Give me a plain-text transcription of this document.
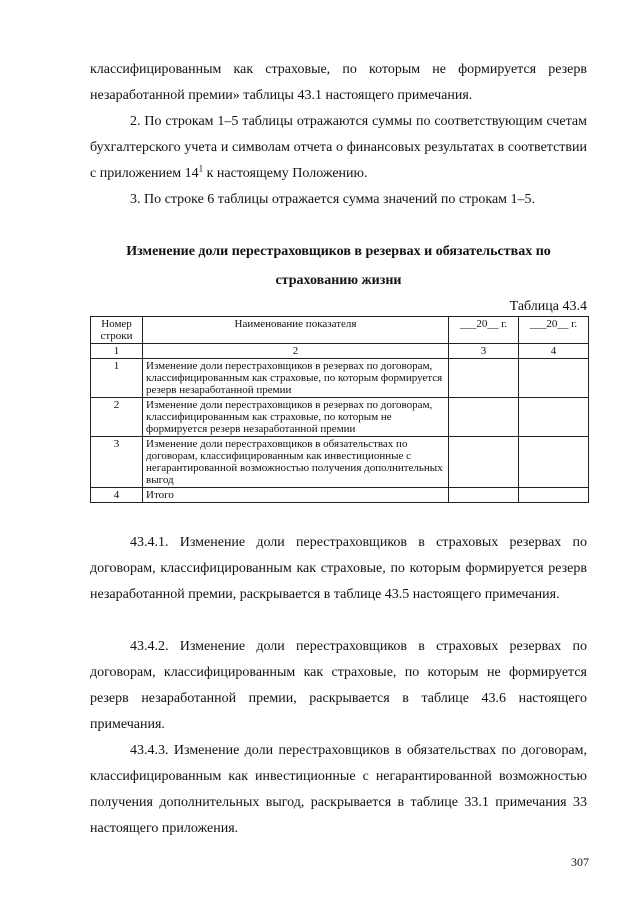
классифицированным как страховые, по которым не формируется резерв незаработанной премии» таблицы 43.1 настоящего примечания.

2. По строкам 1–5 таблицы отражаются суммы по соответствующим счетам бухгалтерского учета и символам отчета о финансовых результатах в соответствии с приложением $14^1$ к настоящему Положению.

3. По строке 6 таблицы отражается сумма значений по строкам 1–5.

Изменение доли перестраховщиков в резервах и обязательствах по

страхованию жизни

Таблица 43.4
Номер строки	Наименование показателя	___20__ г.	___20__ г.
1	2	3	4
1	Изменение доли перестраховщиков в резервах по договорам, классифицированным как страховые, по которым формируется резерв незаработанной премии		
2	Изменение доли перестраховщиков в резервах по договорам, классифицированным как страховые, по которым не формируется резерв незаработанной премии		
3	Изменение доли перестраховщиков в обязательствах по договорам, классифицированным как инвестиционные с негарантированной возможностью получения дополнительных выгод		
4	Итого		

43.4.1. Изменение доли перестраховщиков в страховых резервах по договорам, классифицированным как страховые, по которым формируется резерв незаработанной премии, раскрывается в таблице 43.5 настоящего примечания.

43.4.2. Изменение доли перестраховщиков в страховых резервах по договорам, классифицированным как страховые, по которым не формируется резерв незаработанной премии, раскрывается в таблице 43.6 настоящего примечания.

43.4.3. Изменение доли перестраховщиков в обязательствах по договорам, классифицированным как инвестиционные с негарантированной возможностью получения дополнительных выгод, раскрывается в таблице 33.1 примечания 33 настоящего приложения.

307
